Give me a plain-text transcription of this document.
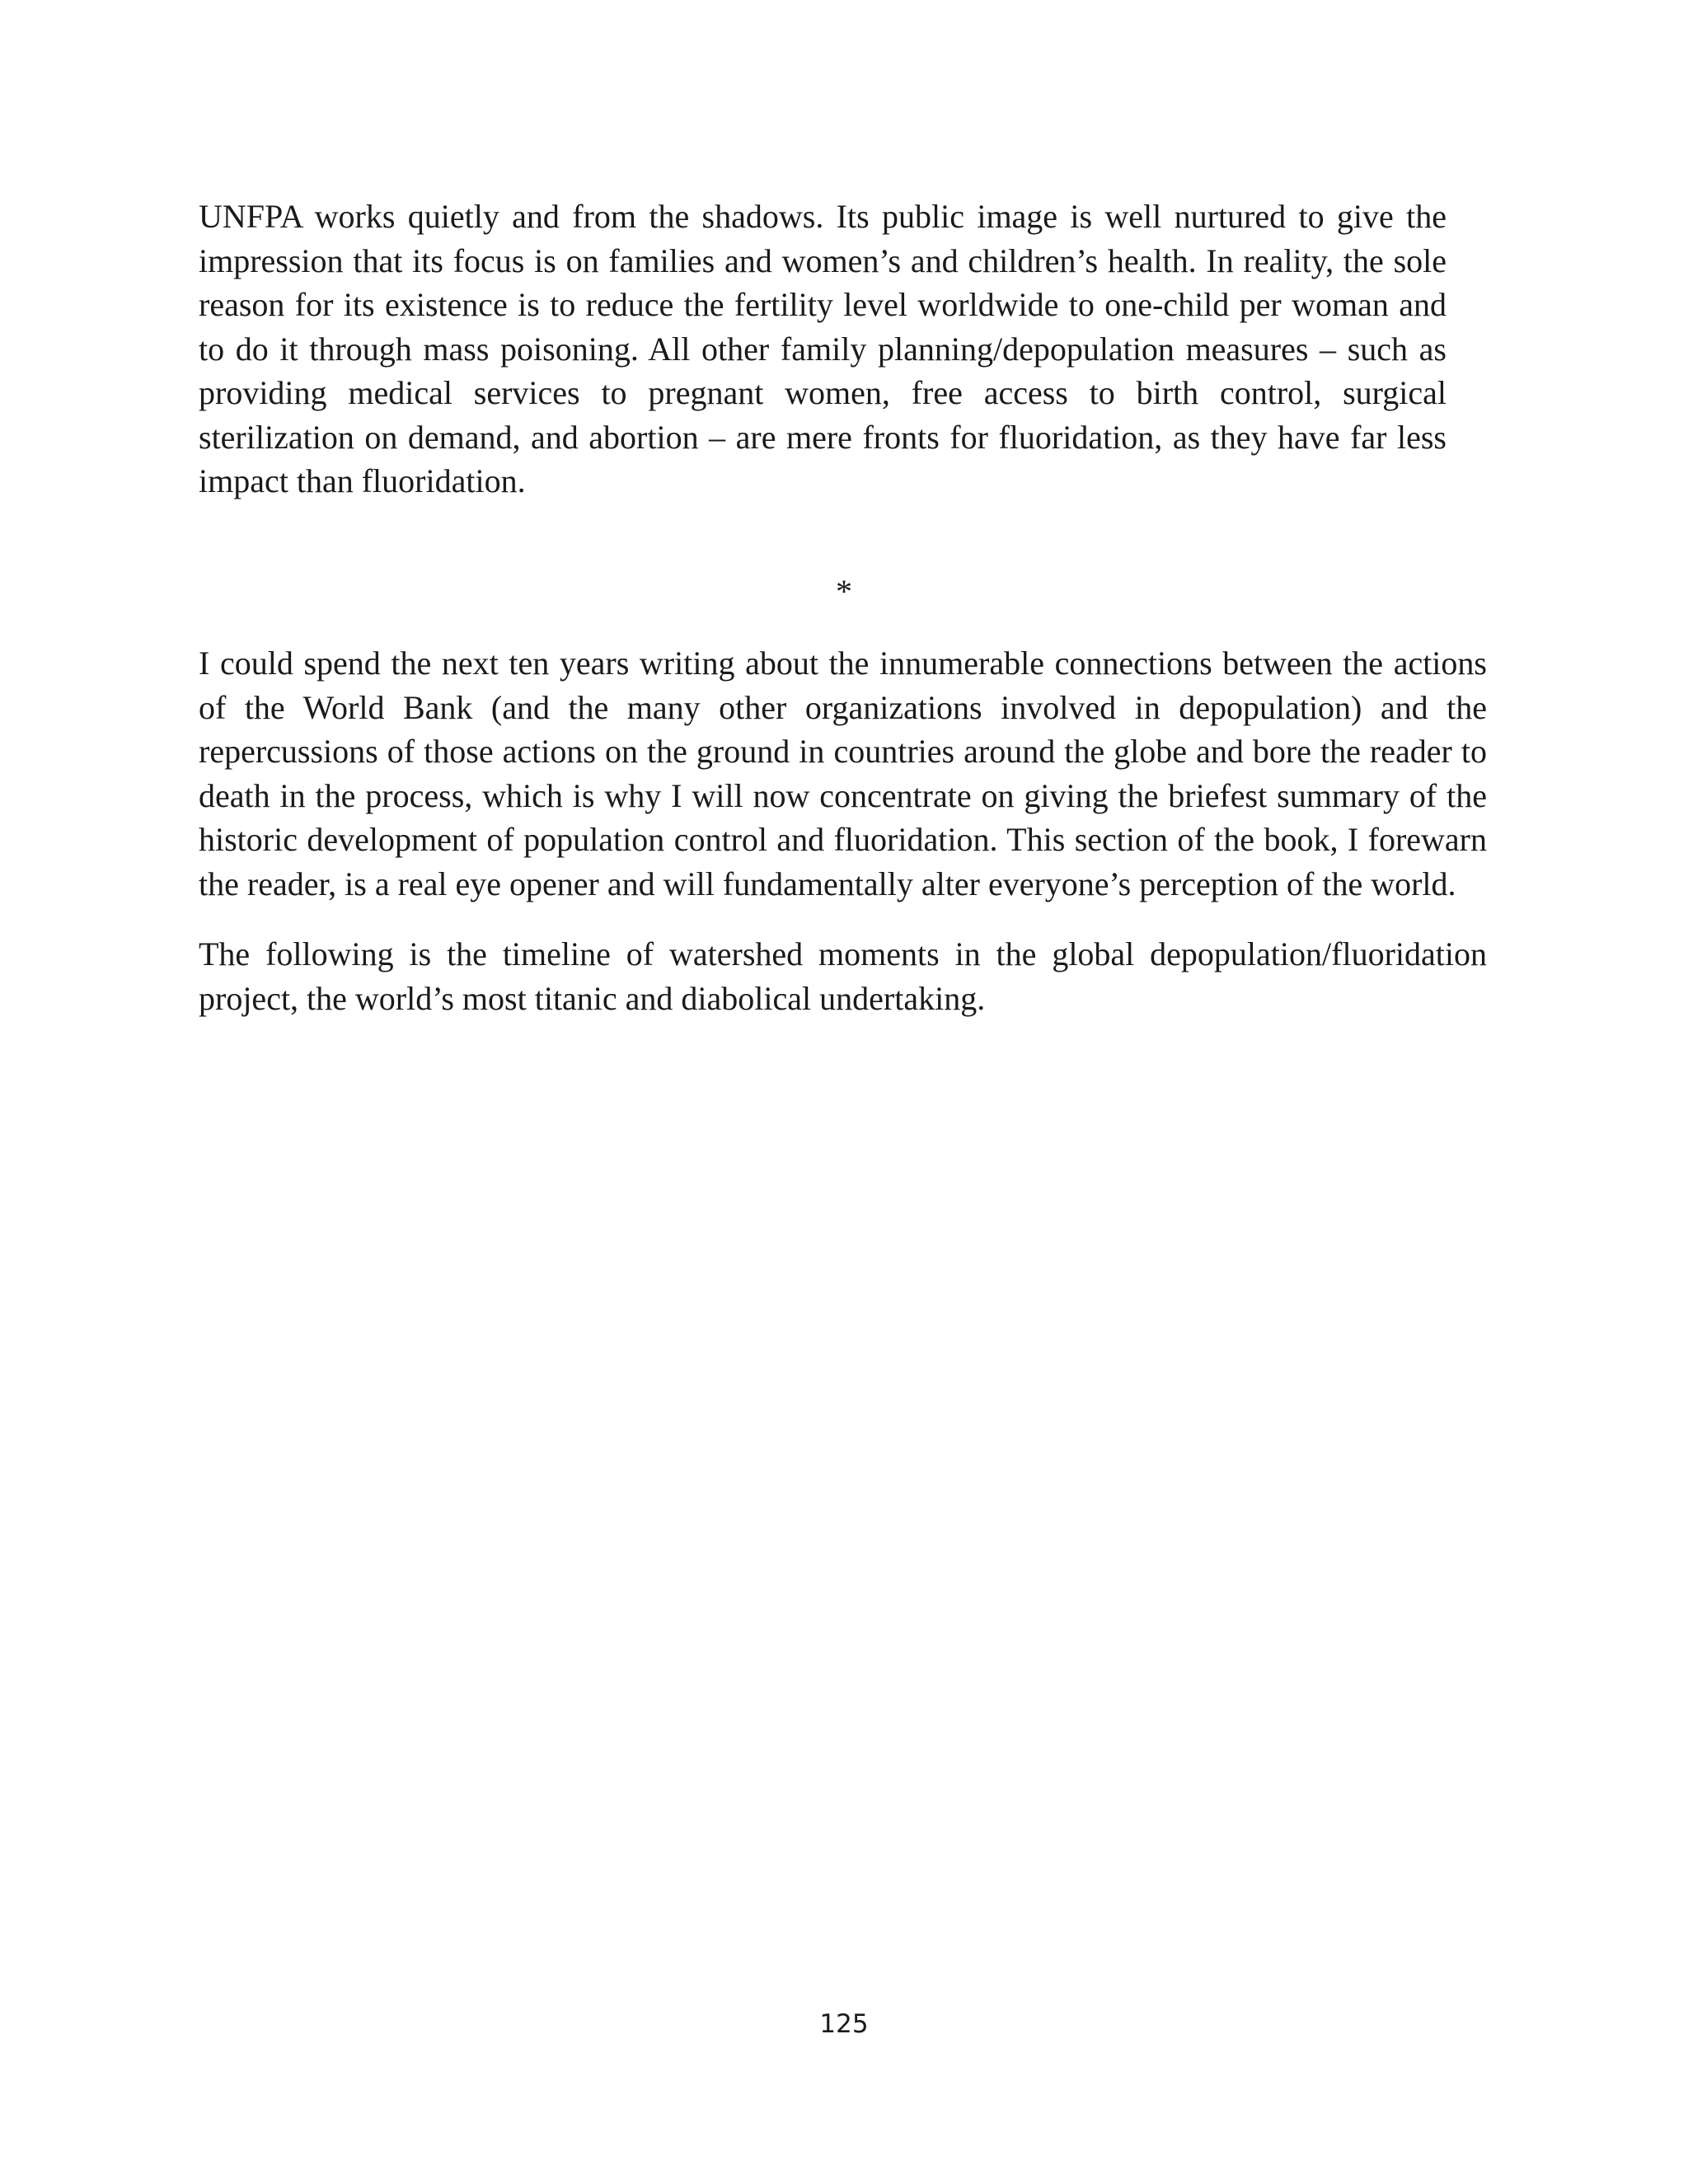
UNFPA works quietly and from the shadows. Its public image is well nurtured to give the impression that its focus is on families and women’s and children’s health. In reality, the sole reason for its existence is to reduce the fertility level worldwide to one-child per woman and to do it through mass poisoning. All other family planning/depopulation measures – such as providing medical services to pregnant women, free access to birth control, surgical sterilization on demand, and abortion – are mere fronts for fluoridation, as they have far less impact than fluoridation.

*

I could spend the next ten years writing about the innumerable connections between the actions of the World Bank (and the many other organizations involved in depopulation) and the repercussions of those actions on the ground in countries around the globe and bore the reader to death in the process, which is why I will now concentrate on giving the briefest summary of the historic development of population control and fluoridation. This section of the book, I forewarn the reader, is a real eye opener and will fundamentally alter everyone’s perception of the world.

The following is the timeline of watershed moments in the global depopulation/fluoridation project, the world’s most titanic and diabolical undertaking.

125
